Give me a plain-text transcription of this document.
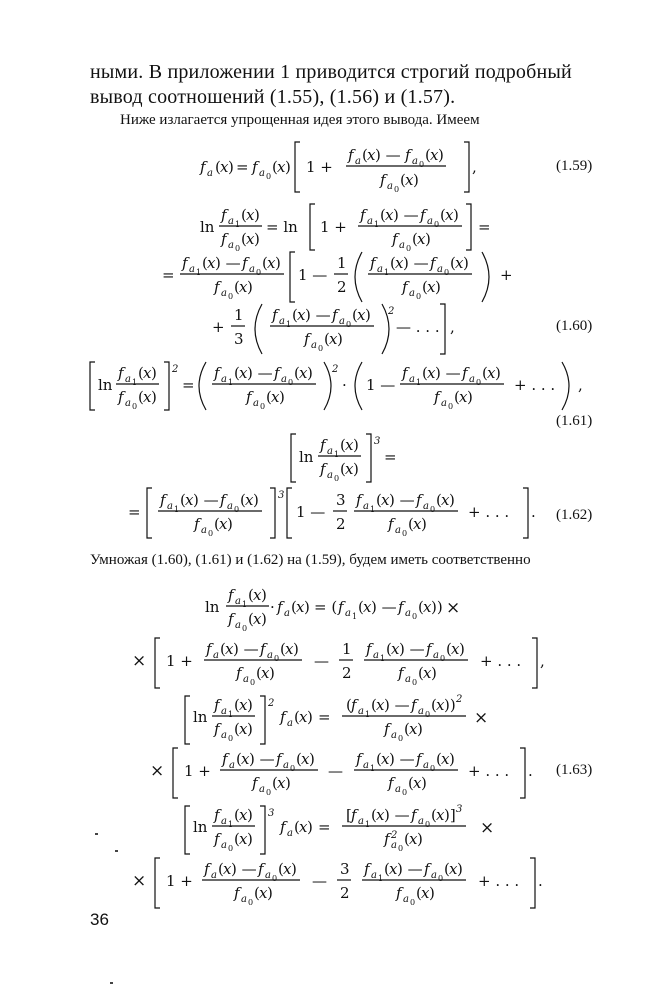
ными. В приложении 1 приводится строгий подробный
вывод соотношений (1.55), (1.56) и (1.57).
Ниже излагается упрощенная идея этого вывода. Имеем
f a ( x ) = f a 0
( x ) 1 +
f a ( x ) — f a 0
( x )
f a 0
( x )
,
ln
f a 1
( x )
f a 0
( x )
= ln 1 +
f a 1
( x ) — f a 0
( x )
f a 0
( x )
=
=
f a 1
( x ) — f a 0
( x )
f a 0
( x )
1 —
1
2
f a 1
( x ) — f a 0
( x )
f a 0
( x )
+
+
1
3
f a 1
( x ) — f a 0
( x )
f a 0
( x )
2
— . . . ,
ln
f a 1
( x )
f a 0
( x )
2
=
f a 1
( x ) — f a 0
( x )
f a 0
( x )
2
· 1 —
f a 1
( x ) — f a 0
( x )
f a 0
( x )
+ . . . ,
ln
f a 1
( x )
f a 0
( x )
3
=
=
f a 1
( x ) — f a 0
( x )
f a 0
( x )
3
1 —
3
2
f a 1
( x ) — f a 0
( x )
f a 0
( x )
+ . . . .
ln
f a 1
( x )
f a 0
( x )
· f a ( x ) = ( f a 1
( x ) — f a 0
( x )) ×
× 1 +
f a ( x ) — f a 0
( x )
f a 0
( x )
—
1
2
f a 1
( x ) — f a 0
( x )
f a 0
( x )
+ . . . ,
ln
f a 1
( x )
f a 0
( x )
2
f a ( x ) =
( f a 1
( x ) — f a 0
( x )) 2
f a 0
( x )
×
× 1 +
f a ( x ) — f a 0
( x )
f a 0
( x )
—
f a 1
( x ) — f a 0
( x )
f a 0
( x )
+ . . . .
ln
f a 1
( x )
f a 0
( x )
3
f a ( x ) =
[ f a 1
( x ) — f a 0
( x )] 3
f 2
a 0
( x )
×
× 1 +
f a ( x ) — f a 0
( x )
f a 0
( x )
—
3
2
f a 1
( x ) — f a 0
( x )
f a 0
( x )
+ . . . .
(1.59)
(1.60)
(1.61)
(1.62)
(1.63)
Умножая (1.60), (1.61) и (1.62) на (1.59), будем иметь соответственно
36
